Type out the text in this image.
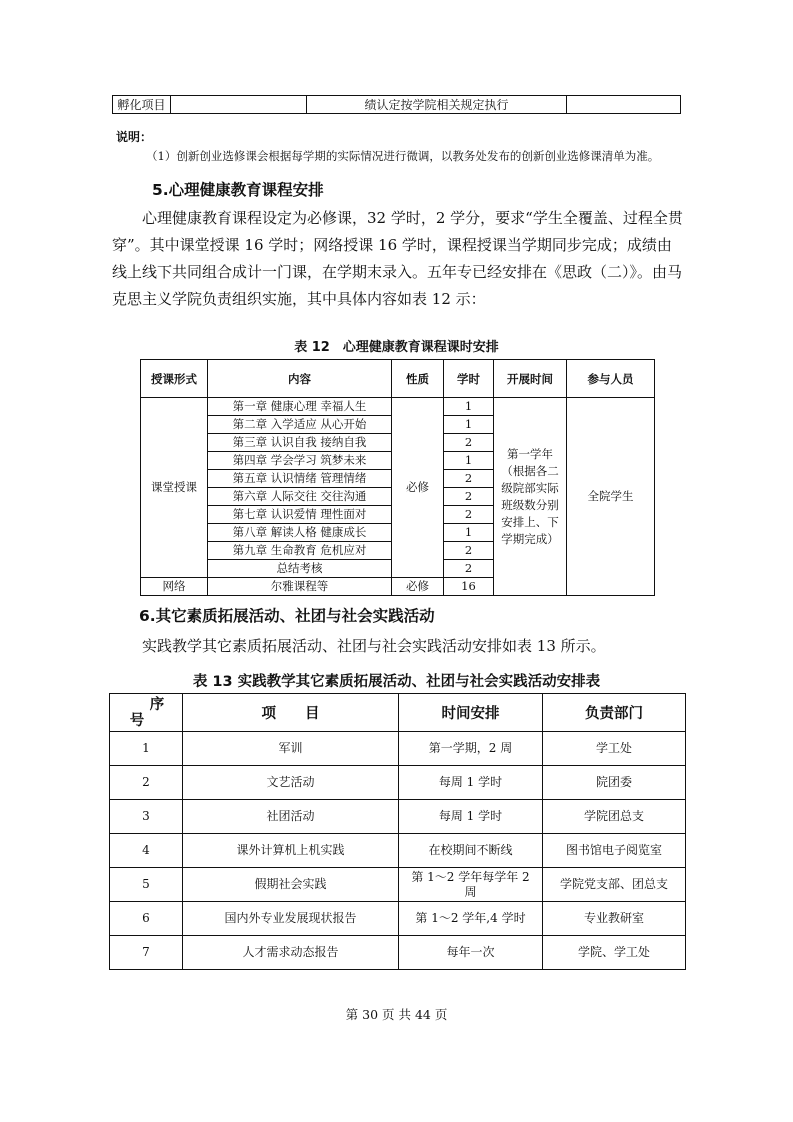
孵化项目		绩认定按学院相关规定执行	
说明：
（1）创新创业选修课会根据每学期的实际情况进行微调，以教务处发布的创新创业选修课清单为准。
5.心理健康教育课程安排
心理健康教育课程设定为必修课，32 学时，2 学分，要求“学生全覆盖、过程全贯穿”。其中课堂授课 16 学时；网络授课 16 学时，课程授课当学期同步完成；成绩由线上线下共同组合成计一门课，在学期末录入。五年专已经安排在《思政（二）》。由马克思主义学院负责组织实施，其中具体内容如表 12 示：
表 12　心理健康教育课程课时安排
授课形式	内容	性质	学时	开展时间	参与人员
课堂授课	第一章 健康心理 幸福人生	必修	1	第一学年（根据各二级院部实际班级数分别安排上、下学期完成）	全院学生
	第二章 入学适应 从心开始		1		
	第三章 认识自我 接纳自我		2		
	第四章 学会学习 筑梦未来		1		
	第五章 认识情绪 管理情绪		2		
	第六章 人际交往 交往沟通		2		
	第七章 认识爱情 理性面对		2		
	第八章 解读人格 健康成长		1		
	第九章 生命教育 危机应对		2		
	总结考核		2		
网络	尔雅课程等	必修	16		
6.其它素质拓展活动、社团与社会实践活动
实践教学其它素质拓展活动、社团与社会实践活动安排如表 13 所示。
表 13 实践教学其它素质拓展活动、社团与社会实践活动安排表
序
号	项　　目	时间安排	负责部门
1	军训	第一学期，2 周	学工处
2	文艺活动	每周 1 学时	院团委
3	社团活动	每周 1 学时	学院团总支
4	课外计算机上机实践	在校期间不断线	图书馆电子阅览室
5	假期社会实践	第 1～2 学年每学年 2 周	学院党支部、团总支
6	国内外专业发展现状报告	第 1～2 学年,4 学时	专业教研室
7	人才需求动态报告	每年一次	学院、学工处
第 30 页 共 44 页
